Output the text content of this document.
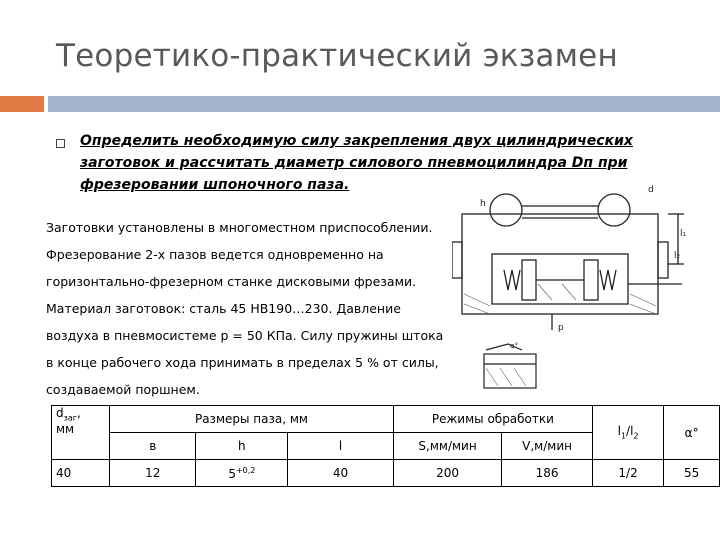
Теоретико-практический экзамен
Определить необходимую силу закрепления двух цилиндрических
заготовок и рассчитать диаметр силового пневмоцилиндра Dп при
фрезеровании шпоночного паза.
Заготовки установлены в многоместном приспособлении.
Фрезерование 2-х пазов ведется одновременно на
горизонтально-фрезерном станке дисковыми фрезами.
Материал заготовок: сталь 45 НВ190…230. Давление
воздуха в пневмосистеме р = 50 КПа. Силу пружины штока
в конце рабочего хода принимать в пределах 5 % от силы,
создаваемой поршнем.
d
h
l₁
l₂
р
α°
$d_{заг}$,
мм	Размеры паза, мм			Режимы обработки		$l_1/l_2$	α°
	в	h	l	S,мм/мин	V,м/мин		
40	12	$5^{+0,2}$	40	200	186	1/2	55
